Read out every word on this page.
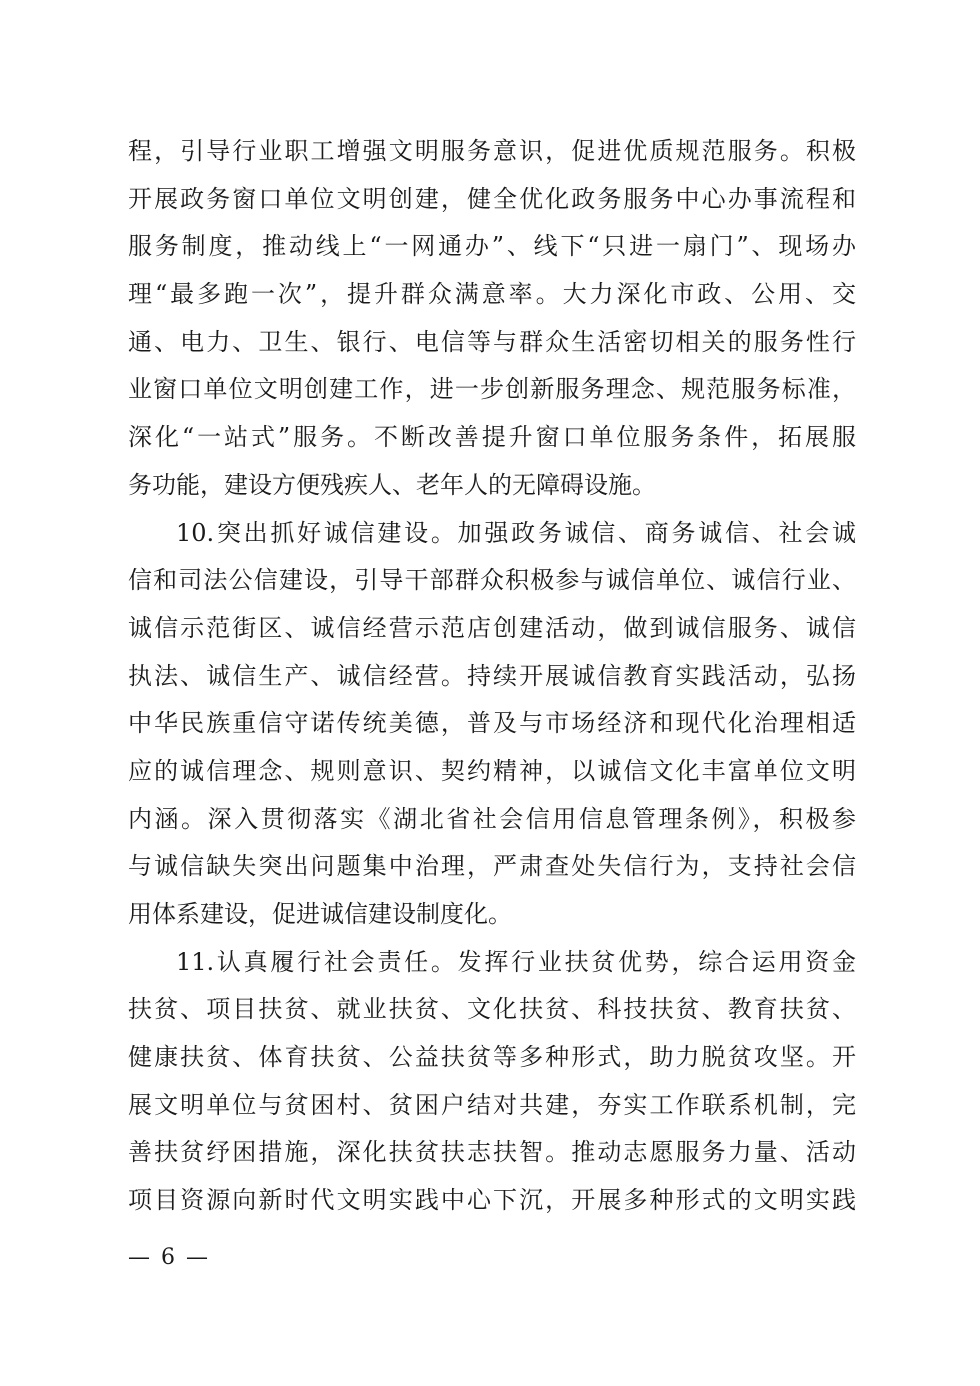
程，引导行业职工增强文明服务意识，促进优质规范服务。积极
开展政务窗口单位文明创建，健全优化政务服务中心办事流程和
服务制度，推动线上“一网通办”、线下“只进一扇门”、现场办
理“最多跑一次”，提升群众满意率。大力深化市政、公用、交
通、电力、卫生、银行、电信等与群众生活密切相关的服务性行
业窗口单位文明创建工作，进一步创新服务理念、规范服务标准，
深化“一站式”服务。不断改善提升窗口单位服务条件，拓展服
务功能，建设方便残疾人、老年人的无障碍设施。
10.突出抓好诚信建设。加强政务诚信、商务诚信、社会诚
信和司法公信建设，引导干部群众积极参与诚信单位、诚信行业、
诚信示范街区、诚信经营示范店创建活动，做到诚信服务、诚信
执法、诚信生产、诚信经营。持续开展诚信教育实践活动，弘扬
中华民族重信守诺传统美德，普及与市场经济和现代化治理相适
应的诚信理念、规则意识、契约精神，以诚信文化丰富单位文明
内涵。深入贯彻落实《湖北省社会信用信息管理条例》，积极参
与诚信缺失突出问题集中治理，严肃查处失信行为，支持社会信
用体系建设，促进诚信建设制度化。
11.认真履行社会责任。发挥行业扶贫优势，综合运用资金
扶贫、项目扶贫、就业扶贫、文化扶贫、科技扶贫、教育扶贫、
健康扶贫、体育扶贫、公益扶贫等多种形式，助力脱贫攻坚。开
展文明单位与贫困村、贫困户结对共建，夯实工作联系机制，完
善扶贫纾困措施，深化扶贫扶志扶智。推动志愿服务力量、活动
项目资源向新时代文明实践中心下沉，开展多种形式的文明实践
— 6 —
